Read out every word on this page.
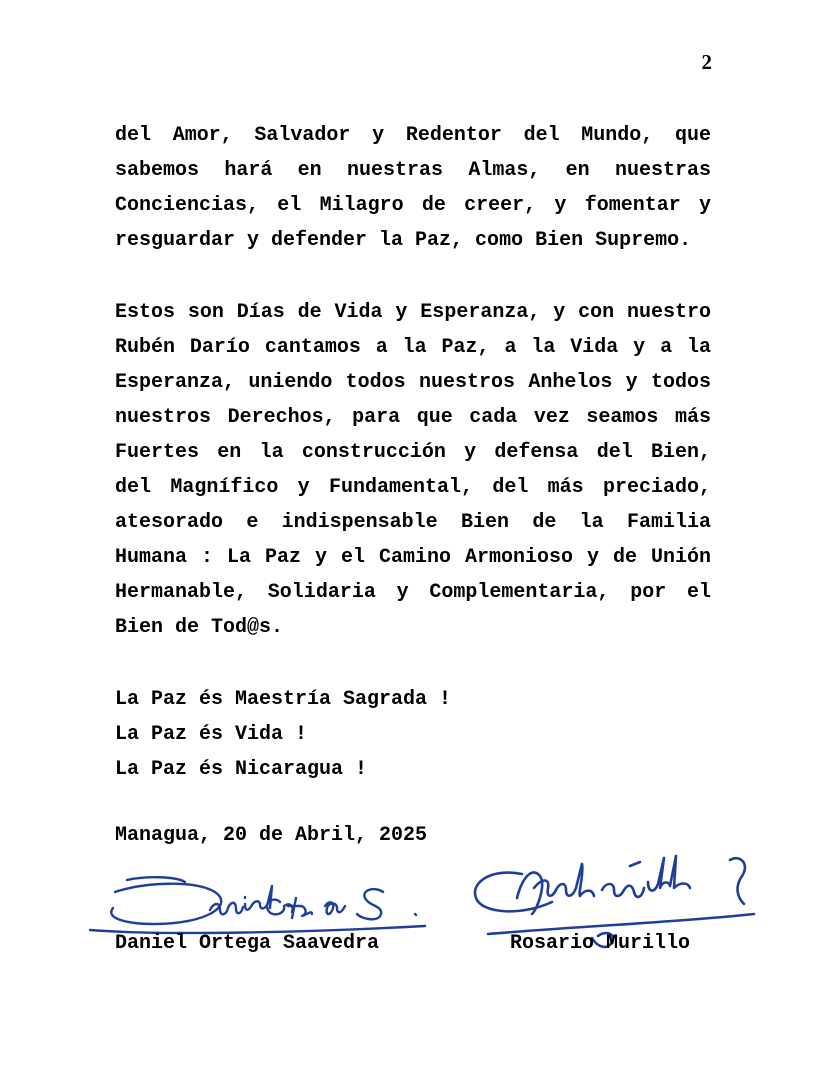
2

del Amor, Salvador y Redentor del Mundo, que sabemos hará en nuestras Almas, en nuestras Conciencias, el Milagro de creer, y fomentar y resguardar y defender la Paz, como Bien Supremo.

Estos son Días de Vida y Esperanza, y con nuestro Rubén Darío cantamos a la Paz, a la Vida y a la Esperanza, uniendo todos nuestros Anhelos y todos nuestros Derechos, para que cada vez seamos más Fuertes en la construcción y defensa del Bien, del Magnífico y Fundamental, del más preciado, atesorado e indispensable Bien de la Familia Humana : La Paz y el Camino Armonioso y de Unión Hermanable, Solidaria y Complementaria, por el Bien de Tod@s.

La Paz és Maestría Sagrada !
La Paz és Vida !
La Paz és Nicaragua !
Managua, 20 de Abril, 2025
Daniel Ortega Saavedra	Rosario Murillo
